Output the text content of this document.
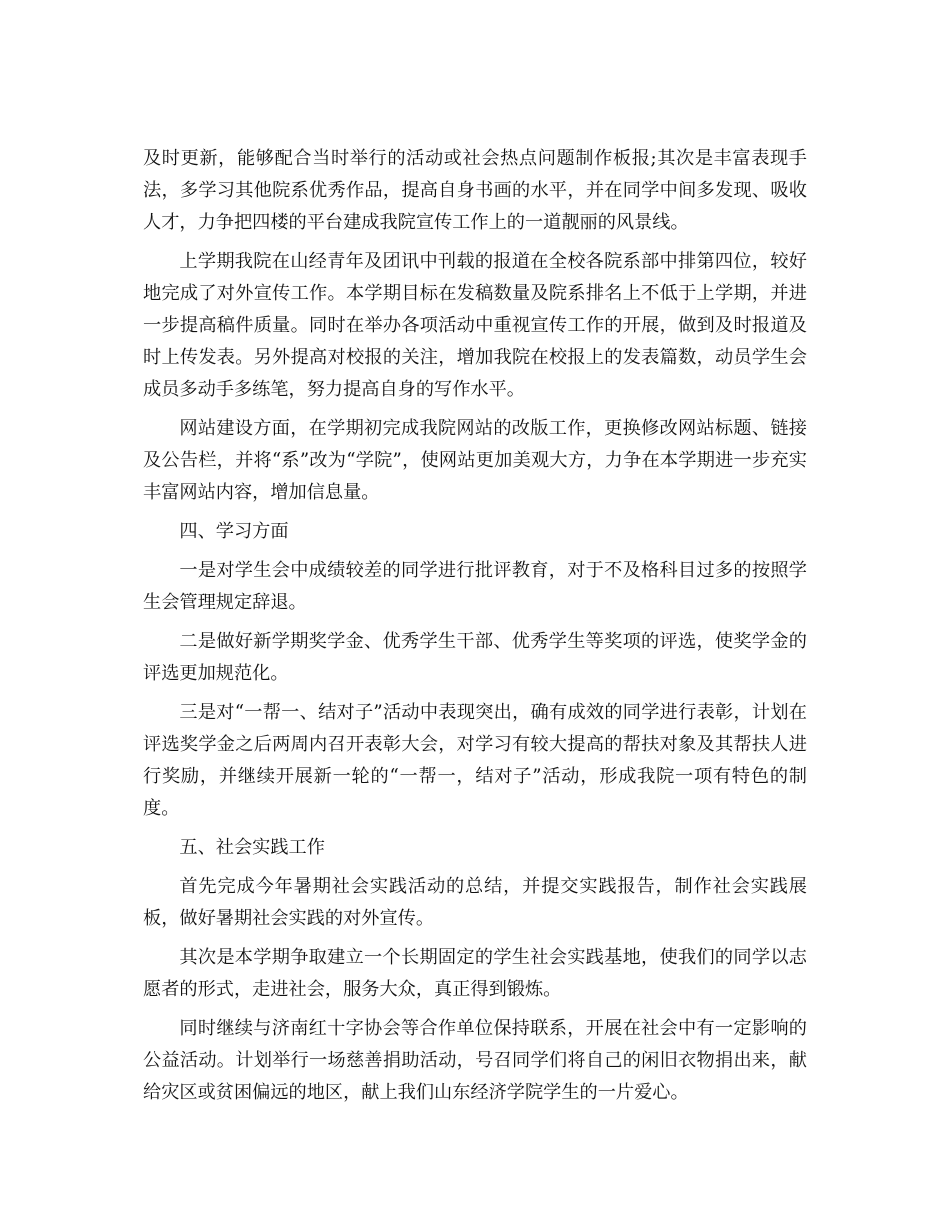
及时更新，能够配合当时举行的活动或社会热点问题制作板报;其次是丰富表现手法，多学习其他院系优秀作品，提高自身书画的水平，并在同学中间多发现、吸收人才，力争把四楼的平台建成我院宣传工作上的一道靓丽的风景线。

上学期我院在山经青年及团讯中刊载的报道在全校各院系部中排第四位，较好地完成了对外宣传工作。本学期目标在发稿数量及院系排名上不低于上学期，并进一步提高稿件质量。同时在举办各项活动中重视宣传工作的开展，做到及时报道及时上传发表。另外提高对校报的关注，增加我院在校报上的发表篇数，动员学生会成员多动手多练笔，努力提高自身的写作水平。

网站建设方面，在学期初完成我院网站的改版工作，更换修改网站标题、链接及公告栏，并将“系”改为“学院”，使网站更加美观大方，力争在本学期进一步充实丰富网站内容，增加信息量。

四、学习方面

一是对学生会中成绩较差的同学进行批评教育，对于不及格科目过多的按照学生会管理规定辞退。

二是做好新学期奖学金、优秀学生干部、优秀学生等奖项的评选，使奖学金的评选更加规范化。

三是对“一帮一、结对子”活动中表现突出，确有成效的同学进行表彰，计划在评选奖学金之后两周内召开表彰大会，对学习有较大提高的帮扶对象及其帮扶人进行奖励，并继续开展新一轮的“一帮一，结对子”活动，形成我院一项有特色的制度。

五、社会实践工作

首先完成今年暑期社会实践活动的总结，并提交实践报告，制作社会实践展板，做好暑期社会实践的对外宣传。

其次是本学期争取建立一个长期固定的学生社会实践基地，使我们的同学以志愿者的形式，走进社会，服务大众，真正得到锻炼。

同时继续与济南红十字协会等合作单位保持联系，开展在社会中有一定影响的公益活动。计划举行一场慈善捐助活动，号召同学们将自己的闲旧衣物捐出来，献给灾区或贫困偏远的地区，献上我们山东经济学院学生的一片爱心。
